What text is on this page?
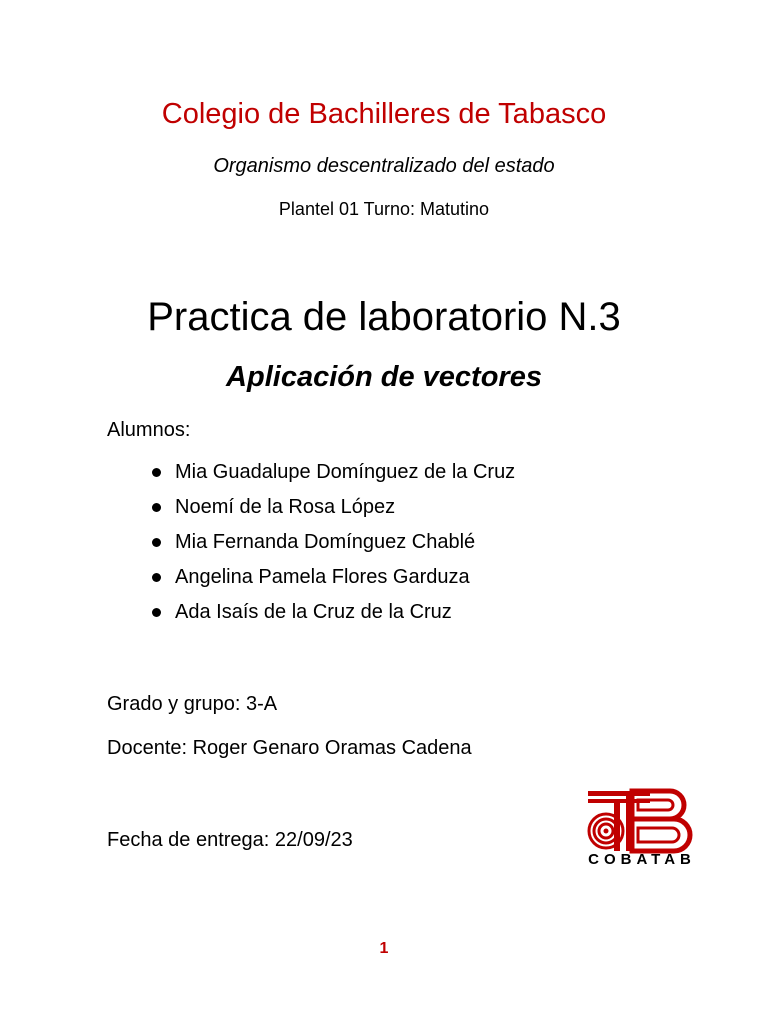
Colegio de Bachilleres de Tabasco
Organismo descentralizado del estado
Plantel 01 Turno: Matutino
Practica de laboratorio N.3
Aplicación de vectores
Alumnos:
Mia Guadalupe Domínguez de la Cruz
Noemí de la Rosa López
Mia Fernanda Domínguez Chablé
Angelina Pamela Flores Garduza
Ada Isaís de la Cruz de la Cruz
Grado y grupo: 3-A
Docente: Roger Genaro Oramas Cadena
Fecha de entrega: 22/09/23
COBATAB
1
